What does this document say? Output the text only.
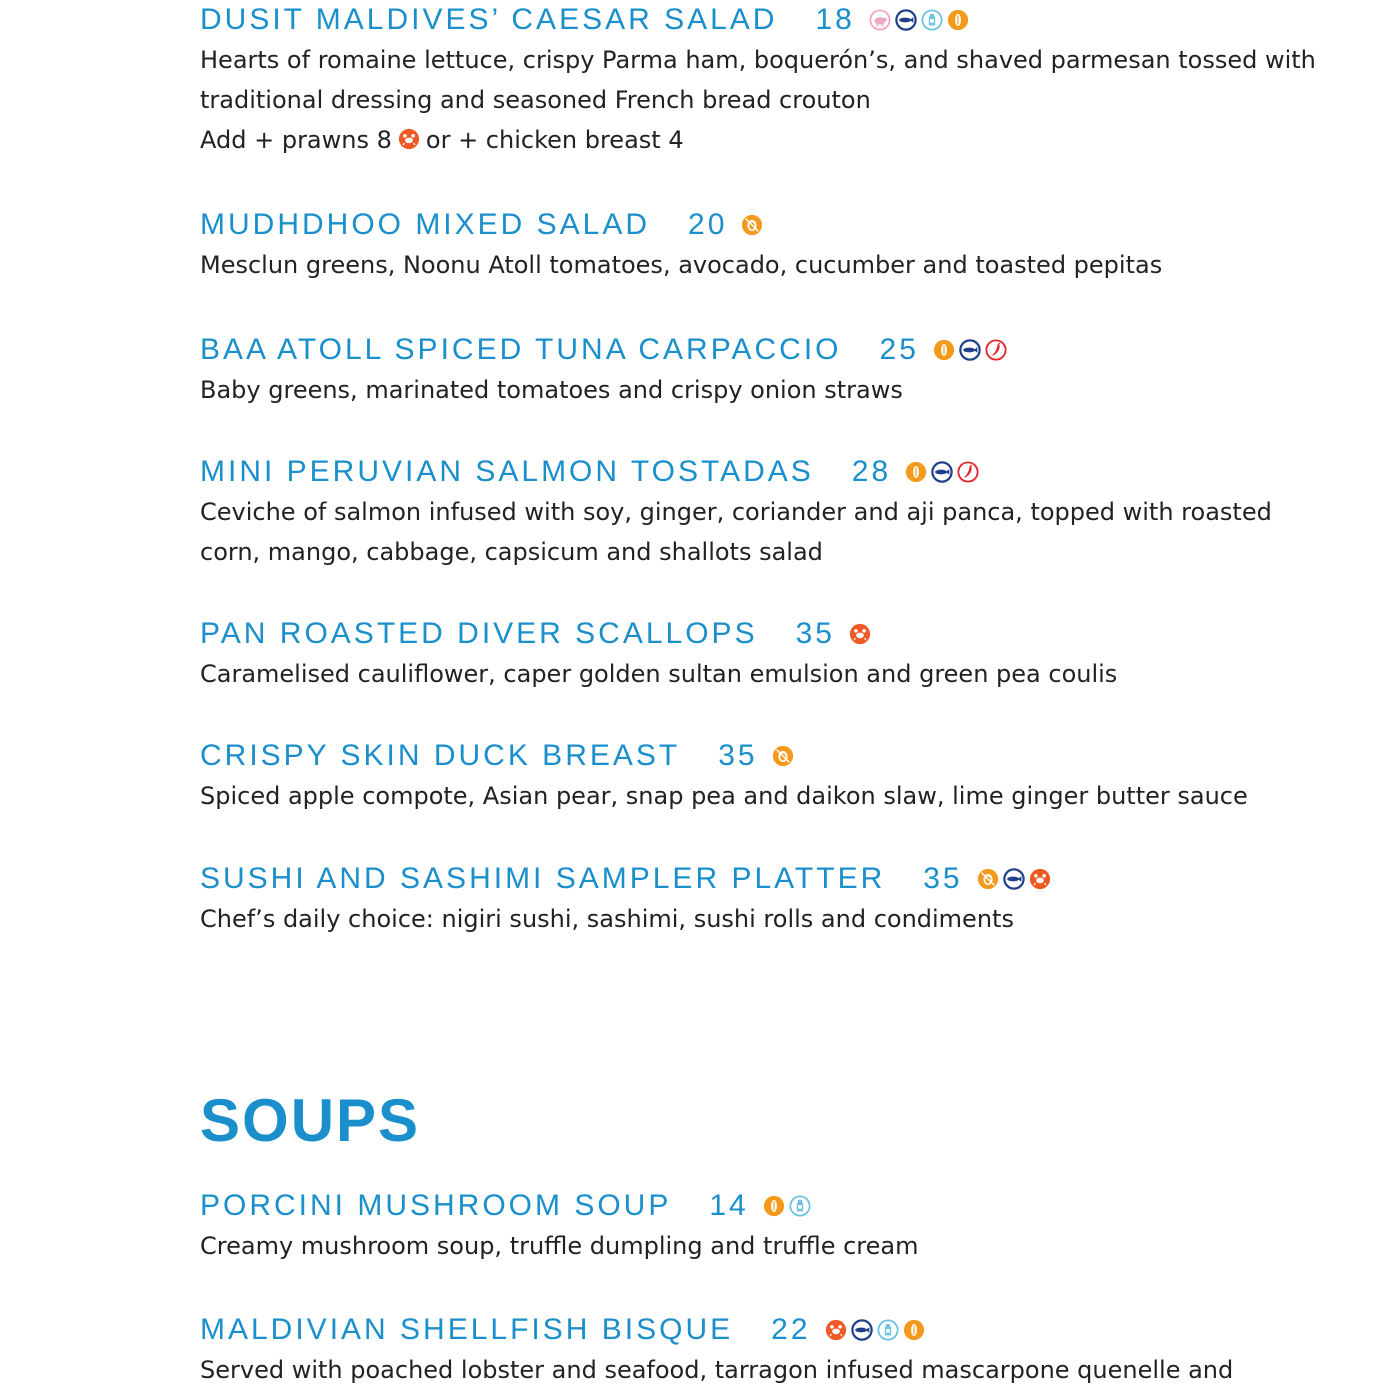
DUSIT MALDIVES’ CAESAR SALAD 18
Hearts of romaine lettuce, crispy Parma ham, boquerón’s, and shaved parmesan tossed with
traditional dressing and seasoned French bread crouton
Add + prawns 8 or + chicken breast 4
MUDHDHOO MIXED SALAD 20
Mesclun greens, Noonu Atoll tomatoes, avocado, cucumber and toasted pepitas
BAA ATOLL SPICED TUNA CARPACCIO 25
Baby greens, marinated tomatoes and crispy onion straws
MINI PERUVIAN SALMON TOSTADAS 28
Ceviche of salmon infused with soy, ginger, coriander and aji panca, topped with roasted
corn, mango, cabbage, capsicum and shallots salad
PAN ROASTED DIVER SCALLOPS 35
Caramelised cauliflower, caper golden sultan emulsion and green pea coulis
CRISPY SKIN DUCK BREAST 35
Spiced apple compote, Asian pear, snap pea and daikon slaw, lime ginger butter sauce
SUSHI AND SASHIMI SAMPLER PLATTER 35
Chef’s daily choice: nigiri sushi, sashimi, sushi rolls and condiments
SOUPS
PORCINI MUSHROOM SOUP 14
Creamy mushroom soup, truffle dumpling and truffle cream
MALDIVIAN SHELLFISH BISQUE 22
Served with poached lobster and seafood, tarragon infused mascarpone quenelle and
